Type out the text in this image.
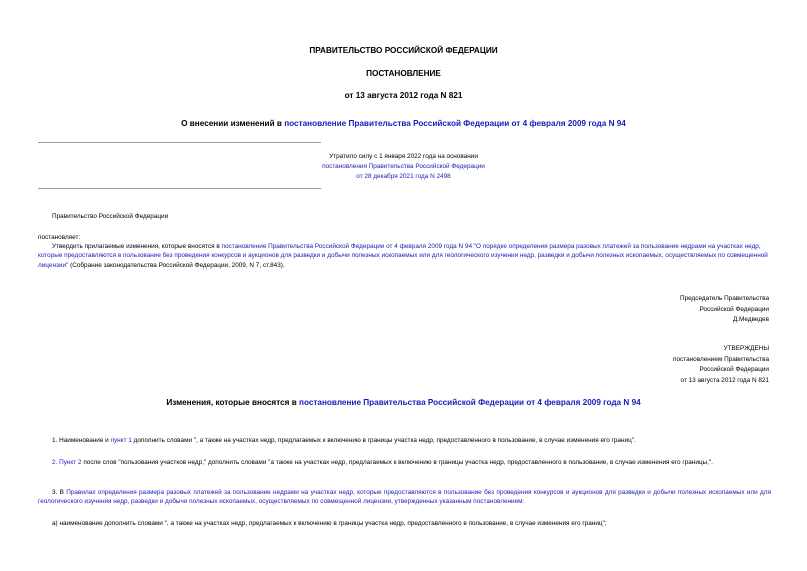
ПРАВИТЕЛЬСТВО РОССИЙСКОЙ ФЕДЕРАЦИИ
ПОСТАНОВЛЕНИЕ
от 13 августа 2012 года N 821
О внесении изменений в постановление Правительства Российской Федерации от 4 февраля 2009 года N 94
Утратило силу с 1 января 2022 года на основании
постановления Правительства Российской Федерации
от 28 декабря 2021 года N 2498
Правительство Российской Федерации
постановляет:
Утвердить прилагаемые изменения, которые вносятся в постановление Правительства Российской Федерации от 4 февраля 2009 года N 94 "О порядке определения размера разовых платежей за пользование недрами на участках недр, которые предоставляются в пользование без проведения конкурсов и аукционов для разведки и добычи полезных ископаемых или для геологического изучения недр, разведки и добычи полезных ископаемых, осуществляемых по совмещенной лицензии" (Собрание законодательства Российской Федерации, 2009, N 7, ст.843).
Председатель Правительства
Российской Федерации
Д.Медведев
УТВЕРЖДЕНЫ
постановлением Правительства
Российской Федерации
от 13 августа 2012 года N 821
Изменения, которые вносятся в постановление Правительства Российской Федерации от 4 февраля 2009 года N 94
1. Наименование и пункт 1 дополнить словами ", а также на участках недр, предлагаемых к включению в границы участка недр, предоставленного в пользование, в случае изменения его границ".
2. Пункт 2 после слов "пользования участков недр," дополнить словами "а также на участках недр, предлагаемых к включению в границы участка недр, предоставленного в пользование, в случае изменения его границы,".
3. В Правилах определения размера разовых платежей за пользование недрами на участках недр, которые предоставляются в пользование без проведения конкурсов и аукционов для разведки и добычи полезных ископаемых или для геологического изучения недр, разведки и добычи полезных ископаемых, осуществляемых по совмещенной лицензии, утвержденных указанным постановлением:
а) наименование дополнить словами ", а также на участках недр, предлагаемых к включению в границы участка недр, предоставленного в пользование, в случае изменения его границ";
